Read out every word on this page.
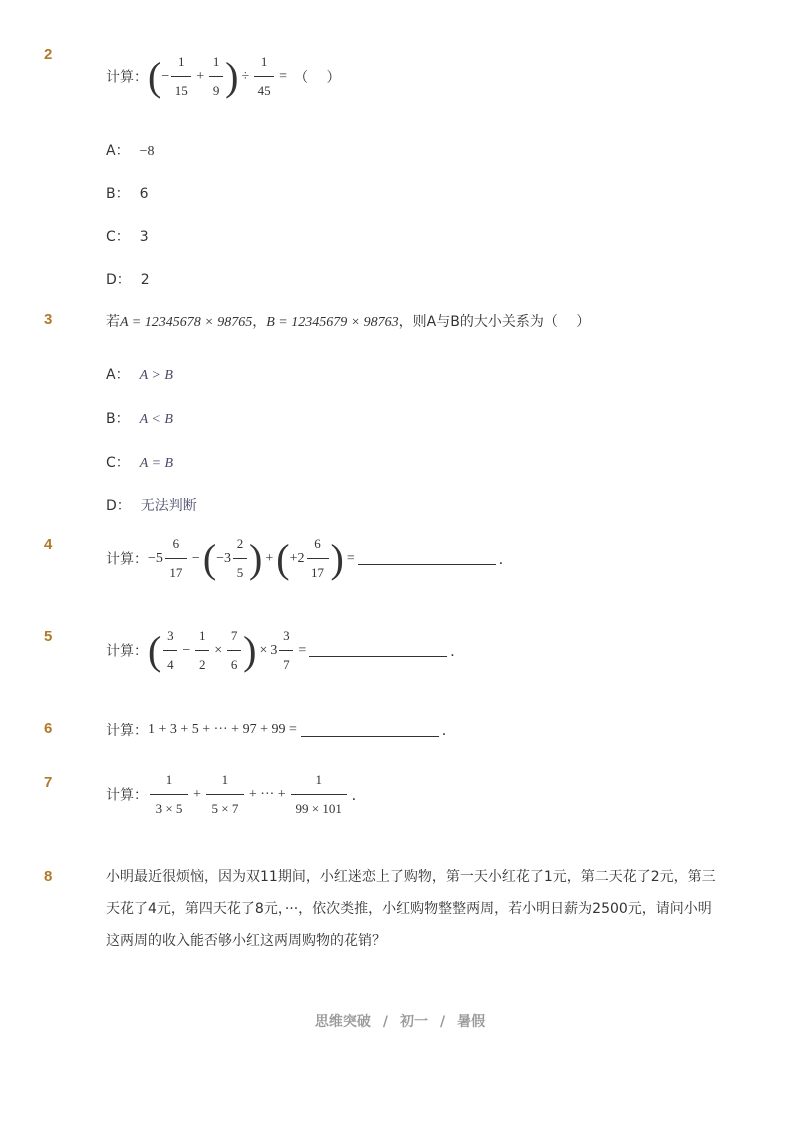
2
计算：(− $\frac{1}{15} + \frac{1}{9}$ ) ÷ $\frac{1}{45}$ = （　 ）
A： −8
B： 6
C： 3
D： 2
3	若A = 12345678 × 98765，B = 12345679 × 98763，则A与B的大小关系为（　 ）
A： A > B
B： A < B
C： A = B
D： 无法判断
4
计算：$-5 \frac{6}{17} -(-3 \frac{2}{5}$ ) $+(+2 \frac{6}{17}$ ) =	．
5
计算：( $\frac{3}{4} - \frac{1}{2} \times \frac{7}{6}$ ) × $3 \frac{3}{7}$ =	．
6	计算：1 + 3 + 5 + ··· + 97 + 99 =	．
7
计算： $\frac{1}{3 \times 5} + \frac{1}{5 \times 7}$ + ··· + $\frac{1}{99 \times 101}$ ．
8	小明最近很烦恼，因为双11期间，小红迷恋上了购物，第一天小红花了1元，第二天花了2元，第三天花了4元，第四天花了8元，···，依次类推，小红购物整整两周，若小明日薪为2500元，请问小明这两周的收入能否够小红这两周购物的花销？
思维突破 / 初一 / 暑假
